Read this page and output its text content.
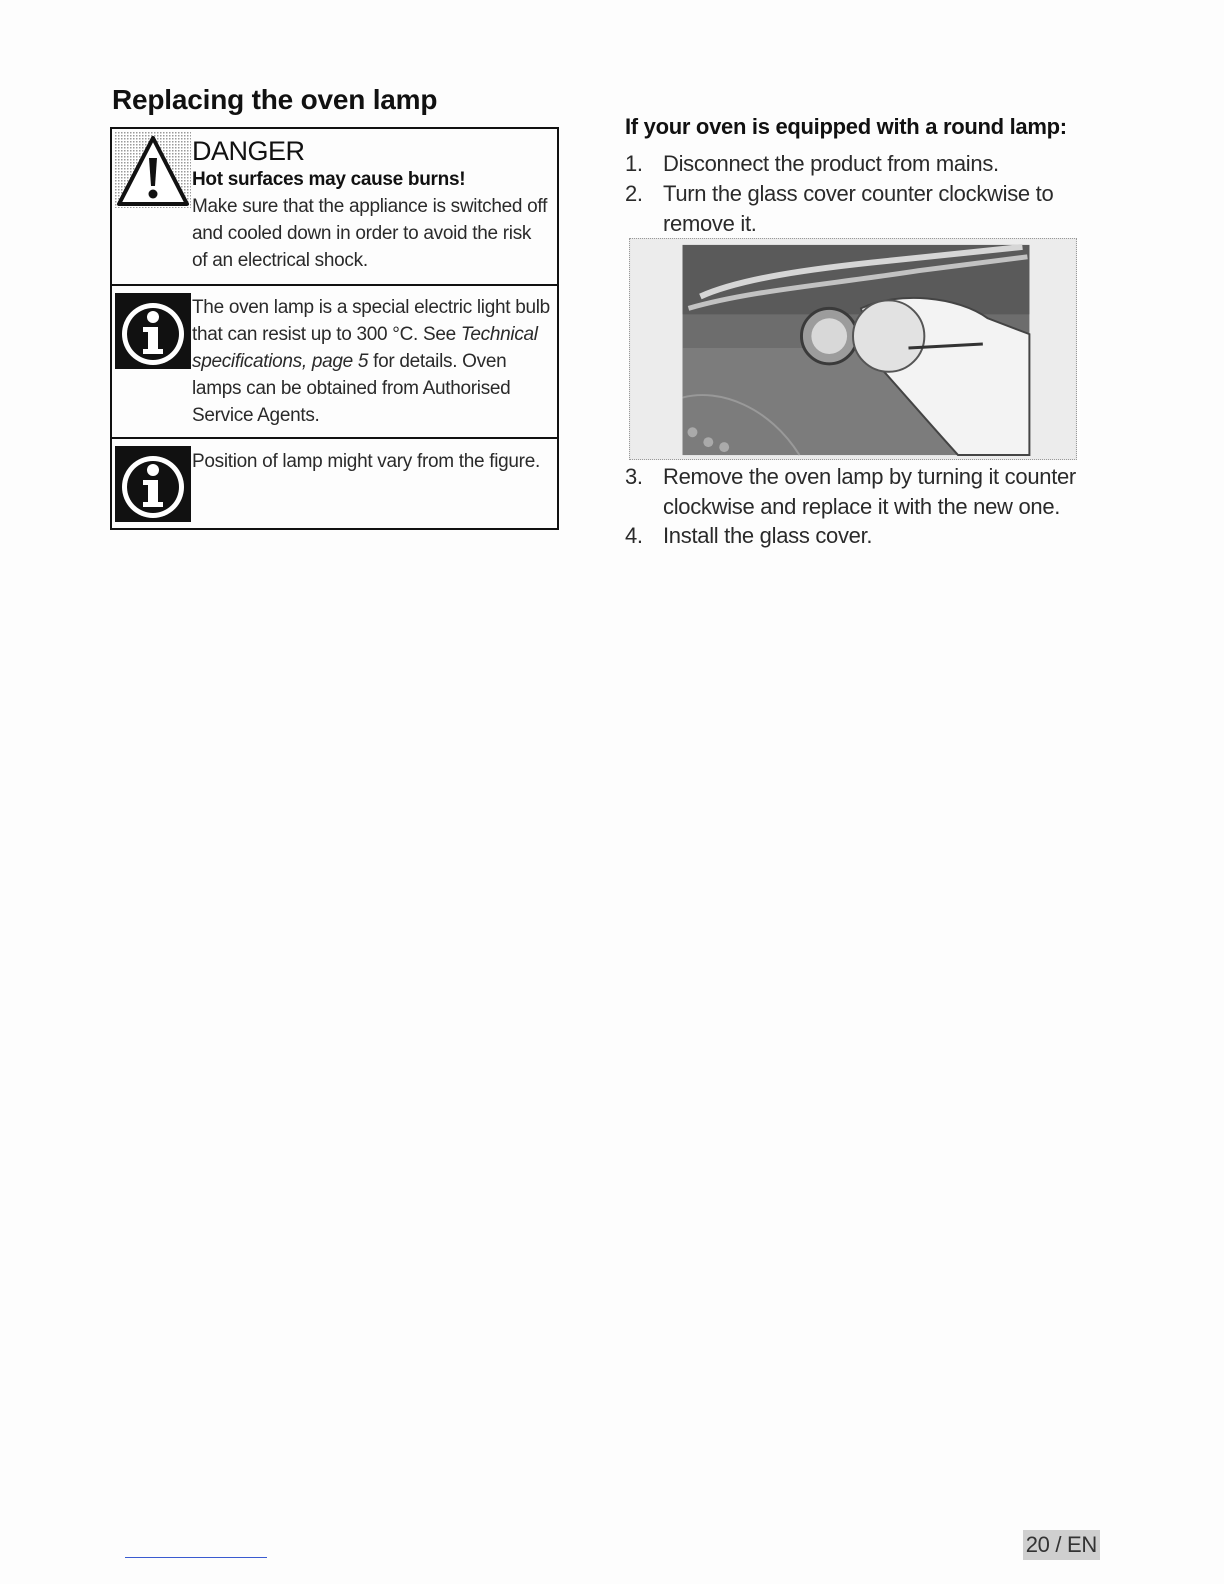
Replacing the oven lamp
DANGER
Hot surfaces may cause burns!
Make sure that the appliance is switched off and cooled down in order to avoid the risk of an electrical shock.
The oven lamp is a special electric light bulb that can resist up to 300 °C. See Technical specifications, page 5 for details. Oven lamps can be obtained from Authorised Service Agents.
Position of lamp might vary from the figure.
If your oven is equipped with a round lamp:
1. Disconnect the product from mains.
2. Turn the glass cover counter clockwise to remove it.
3. Remove the oven lamp by turning it counter clockwise and replace it with the new one.
4. Install the glass cover.
20 / EN
